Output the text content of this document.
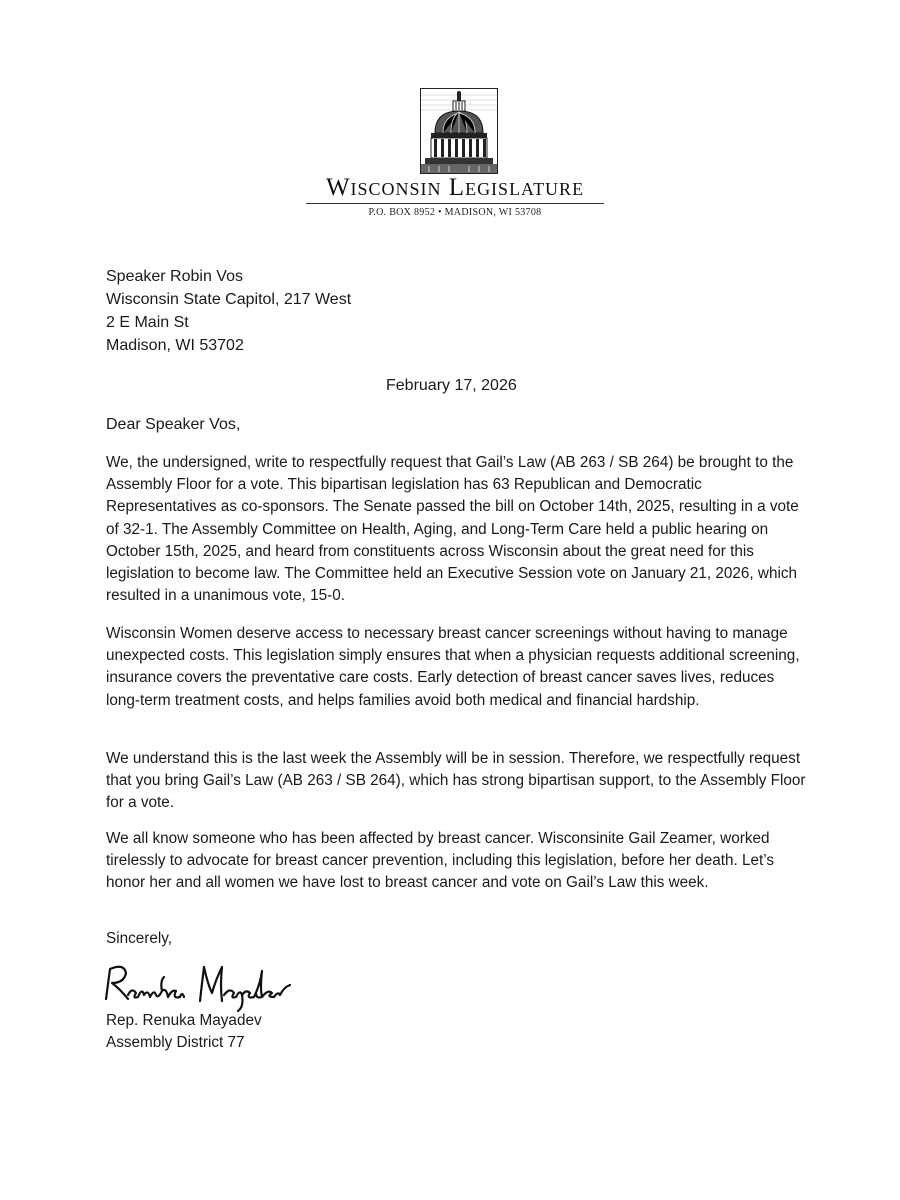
Wisconsin Legislature
P.O. BOX 8952 • MADISON, WI 53708
Speaker Robin Vos
Wisconsin State Capitol, 217 West
2 E Main St
Madison, WI 53702
February 17, 2026
Dear Speaker Vos,

We, the undersigned, write to respectfully request that Gail’s Law (AB 263 / SB 264) be brought to the Assembly Floor for a vote. This bipartisan legislation has 63 Republican and Democratic Representatives as co-sponsors. The Senate passed the bill on October 14th, 2025, resulting in a vote of 32-1. The Assembly Committee on Health, Aging, and Long-Term Care held a public hearing on October 15th, 2025, and heard from constituents across Wisconsin about the great need for this legislation to become law. The Committee held an Executive Session vote on January 21, 2026, which resulted in a unanimous vote, 15-0.

Wisconsin Women deserve access to necessary breast cancer screenings without having to manage unexpected costs. This legislation simply ensures that when a physician requests additional screening, insurance covers the preventative care costs. Early detection of breast cancer saves lives, reduces long-term treatment costs, and helps families avoid both medical and financial hardship.

We understand this is the last week the Assembly will be in session. Therefore, we respectfully request that you bring Gail’s Law (AB 263 / SB 264), which has strong bipartisan support, to the Assembly Floor for a vote.

We all know someone who has been affected by breast cancer. Wisconsinite Gail Zeamer, worked tirelessly to advocate for breast cancer prevention, including this legislation, before her death. Let’s honor her and all women we have lost to breast cancer and vote on Gail’s Law this week.

Sincerely,
Rep. Renuka Mayadev
Assembly District 77
